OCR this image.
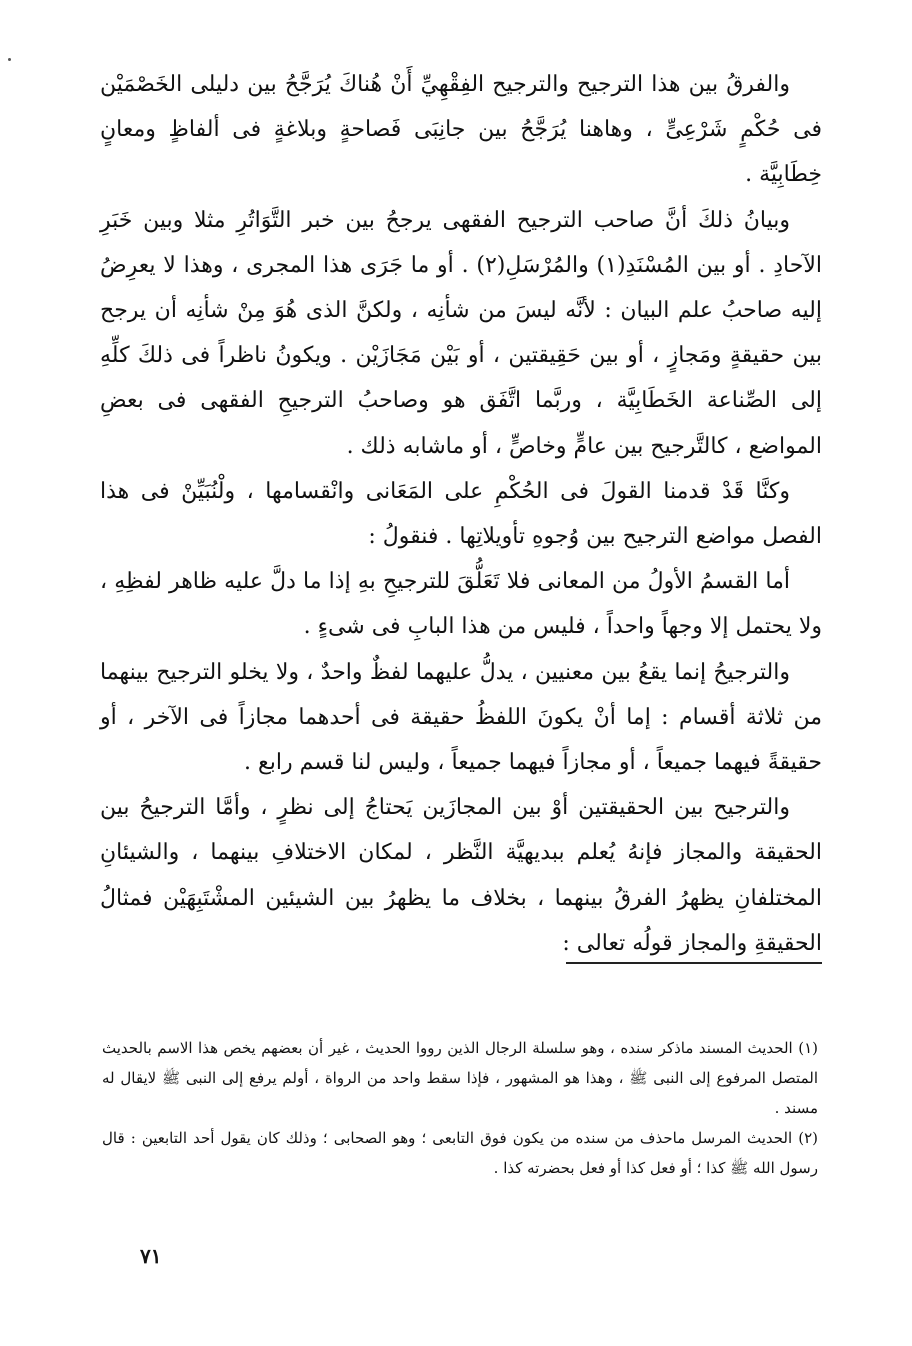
والفرقُ بين هذا الترجيح والترجيح الفِقْهِيِّ أَنْ هُناكَ يُرَجَّحُ بين دليلى الخَصْمَيْن فى حُكْمٍ شَرْعِىٍّ ، وهاهنا يُرَجَّحُ بين جانِبَى فَصاحةٍ وبلاغةٍ فى ألفاظٍ ومعانٍ خِطَابِيَّة .

وبيانُ ذلكَ أنَّ صاحب الترجيح الفقهى يرجحُ بين خبر التَّوَاتُرِ مثلا وبين خَبَرِ الآحادِ . أو بين المُسْنَدِ(١) والمُرْسَلِ(٢) . أو ما جَرَى هذا المجرى ، وهذا لا يعرِضُ إليه صاحبُ علم البيان : لأنَّه ليسَ من شأنِه ، ولكنَّ الذى هُوَ مِنْ شأنِه أن يرجح بين حقيقةٍ ومَجازٍ ، أو بين حَقِيقتين ، أو بَيْن مَجَازَيْن . ويكونُ ناظراً فى ذلكَ كلِّهِ إلى الصِّناعة الخَطَابِيَّة ، وربَّما اتَّفَق هو وصاحبُ الترجيحِ الفقهى فى بعضِ المواضع ، كالتَّرجيح بين عامٍّ وخاصٍّ ، أو ماشابه ذلك .

وكنَّا قَدْ قدمنا القولَ فى الحُكْمِ على المَعَانى وانْقسامها ، ولْنُبَيِّنْ فى هذا الفصل مواضع الترجيح بين وُجوهِ تأويلاتِها . فنقولُ :

أما القسمُ الأولُ من المعانى فلا تَعَلُّقَ للترجيحِ بهِ إذا ما دلَّ عليه ظاهر لفظِهِ ، ولا يحتمل إلا وجهاً واحداً ، فليس من هذا البابِ فى شىءٍ .

والترجيحُ إنما يقعُ بين معنيين ، يدلُّ عليهما لفظٌ واحدٌ ، ولا يخلو الترجيح بينهما من ثلاثة أقسام : إما أنْ يكونَ اللفظُ حقيقة فى أحدهما مجازاً فى الآخر ، أو حقيقةً فيهما جميعاً ، أو مجازاً فيهما جميعاً ، وليس لنا قسم رابع .

والترجيح بين الحقيقتين أوْ بين المجازَين يَحتاجُ إلى نظرٍ ، وأمَّا الترجيحُ بين الحقيقة والمجاز فإنهُ يُعلم ببديهيَّة النَّظر ، لمكان الاختلافِ بينهما ، والشيئانِ المختلفانِ يظهرُ الفرقُ بينهما ، بخلاف ما يظهرُ بين الشيئين المشْتَبِهَيْن فمثالُ الحقيقةِ والمجاز قولُه تعالى :

(١) الحديث المسند ماذكر سنده ، وهو سلسلة الرجال الذين رووا الحديث ، غير أن بعضهم يخص هذا الاسم بالحديث المتصل المرفوع إلى النبى ﷺ ، وهذا هو المشهور ، فإذا سقط واحد من الرواة ، أولم يرفع إلى النبى ﷺ لايقال له مسند .

(٢) الحديث المرسل ماحذف من سنده من يكون فوق التابعى ؛ وهو الصحابى ؛ وذلك كان يقول أحد التابعين : قال رسول الله ﷺ كذا ؛ أو فعل كذا أو فعل بحضرته كذا .

٧١
